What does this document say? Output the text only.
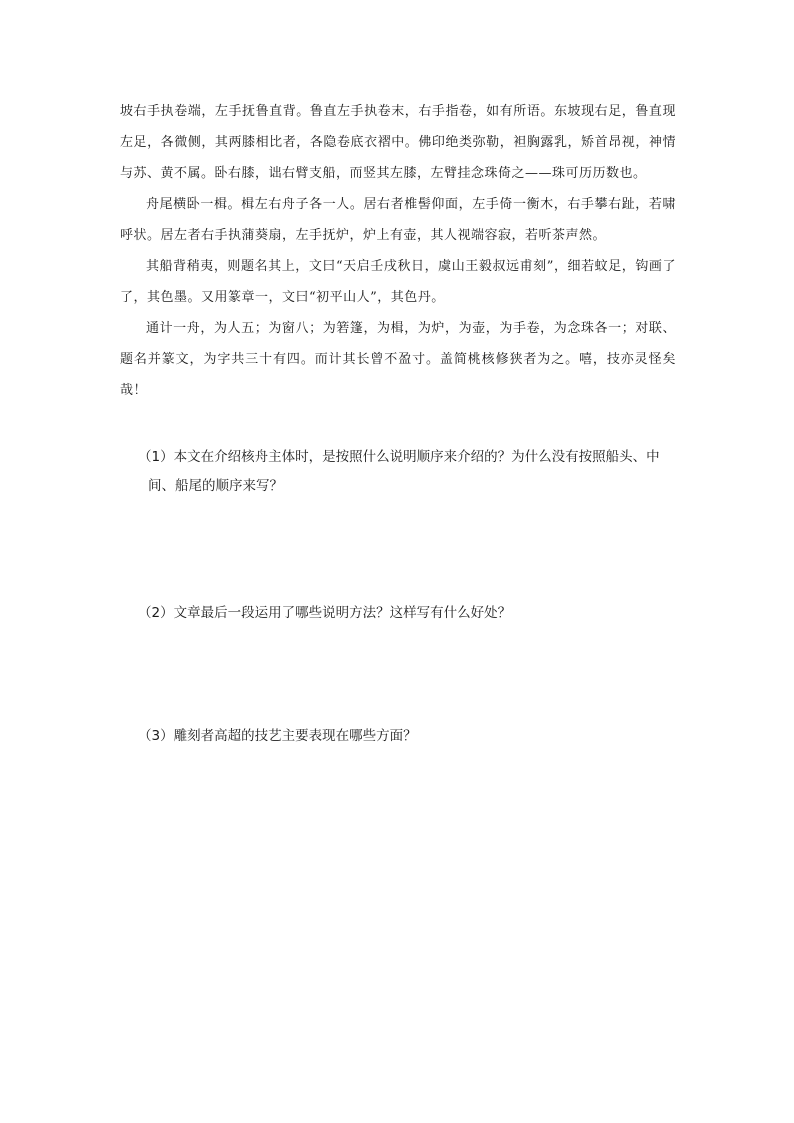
坡右手执卷端，左手抚鲁直背。鲁直左手执卷末，右手指卷，如有所语。东坡现右足，鲁直现左足，各微侧，其两膝相比者，各隐卷底衣褶中。佛印绝类弥勒，袒胸露乳，矫首昂视，神情与苏、黄不属。卧右膝，诎右臂支船，而竖其左膝，左臂挂念珠倚之——珠可历历数也。

舟尾横卧一楫。楫左右舟子各一人。居右者椎髻仰面，左手倚一衡木，右手攀右趾，若啸呼状。居左者右手执蒲葵扇，左手抚炉，炉上有壶，其人视端容寂，若听茶声然。

其船背稍夷，则题名其上，文曰“天启壬戌秋日，虞山王毅叔远甫刻”，细若蚊足，钩画了了，其色墨。又用篆章一，文曰“初平山人”，其色丹。

通计一舟，为人五；为窗八；为箬篷，为楫，为炉，为壶，为手卷，为念珠各一；对联、题名并篆文，为字共三十有四。而计其长曾不盈寸。盖简桃核修狭者为之。嘻，技亦灵怪矣哉！

（1）本文在介绍核舟主体时，是按照什么说明顺序来介绍的？为什么没有按照船头、中
间、船尾的顺序来写？
（2）文章最后一段运用了哪些说明方法？这样写有什么好处？
（3）雕刻者高超的技艺主要表现在哪些方面？
